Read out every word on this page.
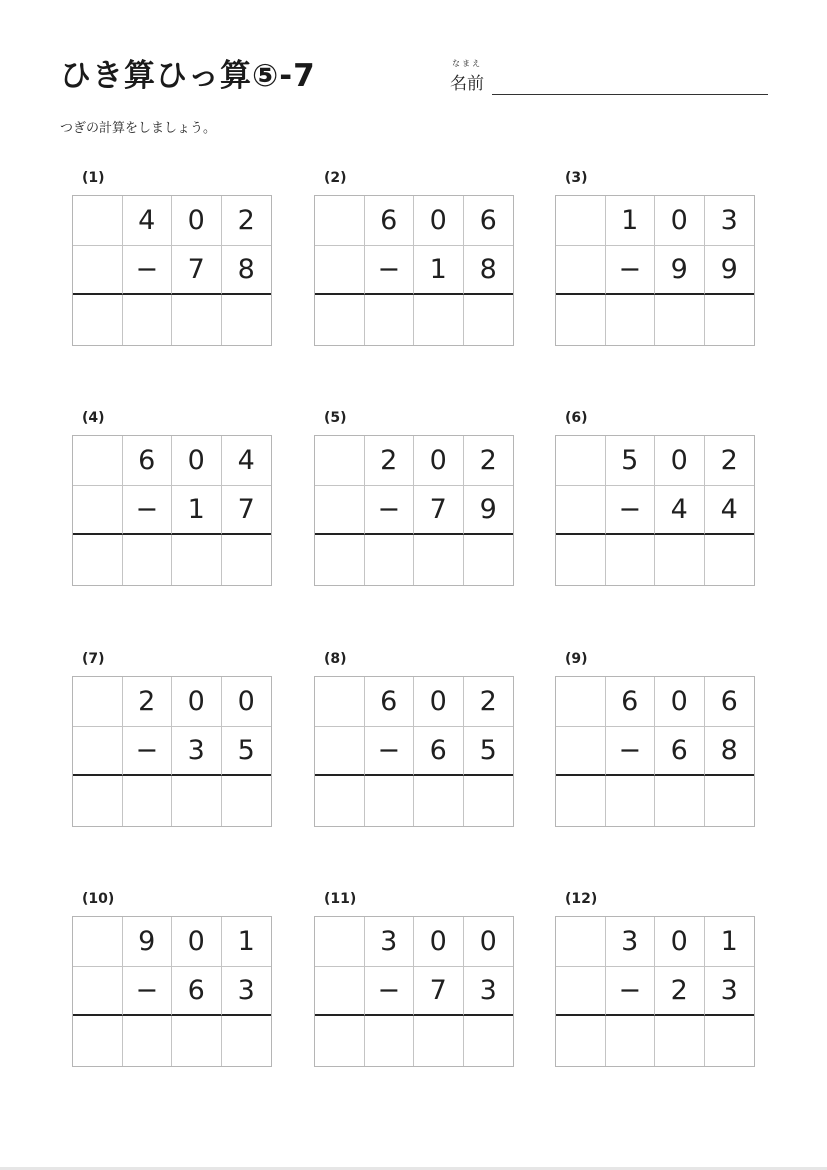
ひき算ひっ算⑤-7	なまえ
名前
つぎの計算をしましょう。
(1)
4	0	2
−	7	8
(2)
6	0	6
−	1	8
(3)
1	0	3
−	9	9
(4)
6	0	4
−	1	7
(5)
2	0	2
−	7	9
(6)
5	0	2
−	4	4
(7)
2	0	0
−	3	5
(8)
6	0	2
−	6	5
(9)
6	0	6
−	6	8
(10)
9	0	1
−	6	3
(11)
3	0	0
−	7	3
(12)
3	0	1
−	2	3
